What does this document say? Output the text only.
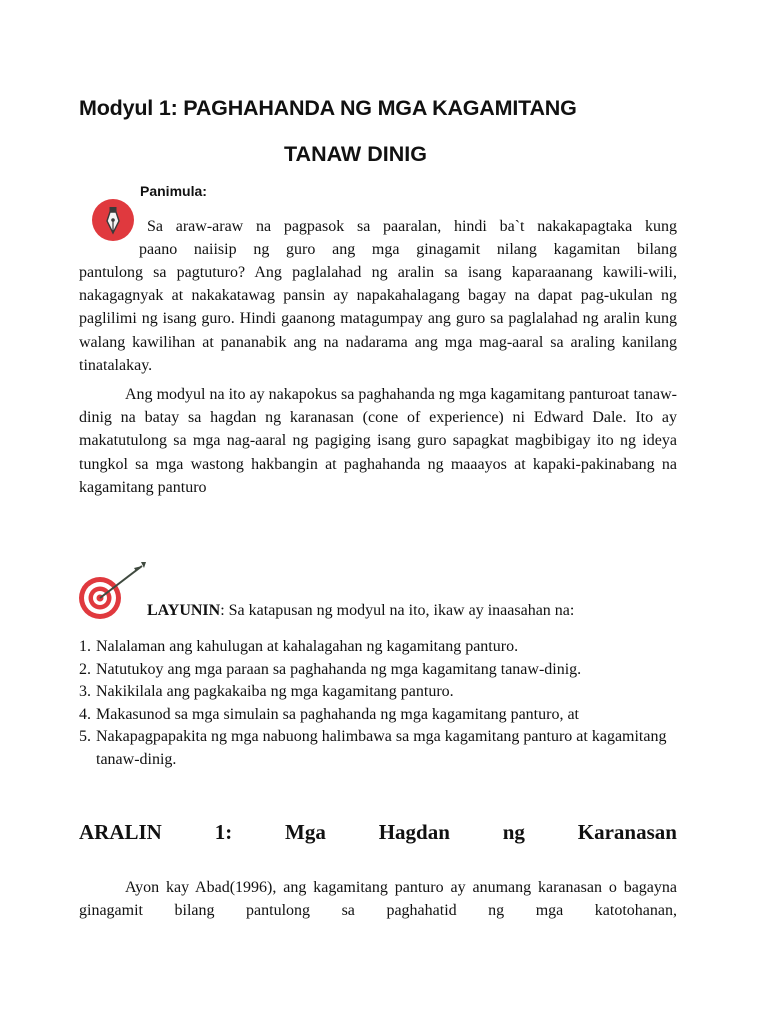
Modyul 1: PAGHAHANDA NG MGA KAGAMITANG
TANAW DINIG
Panimula:
Sa araw-araw na pagpasok sa paaralan, hindi ba`t nakakapagtaka kung
paano naiisip ng guro ang mga ginagamit nilang kagamitan bilang

pantulong sa pagtuturo? Ang paglalahad ng aralin sa isang kaparaanang kawili-wili, nakagagnyak at nakakatawag pansin ay napakahalagang bagay na dapat pag-ukulan ng paglilimi ng isang guro. Hindi gaanong matagumpay ang guro sa paglalahad ng aralin kung walang kawilihan at pananabik ang na nadarama ang mga mag-aaral sa araling kanilang tinatalakay.

Ang modyul na ito ay nakapokus sa paghahanda ng mga kagamitang panturoat tanaw-dinig na batay sa hagdan ng karanasan (cone of experience) ni Edward Dale. Ito ay makatutulong sa mga nag-aaral ng pagiging isang guro sapagkat magbibigay ito ng ideya tungkol sa mga wastong hakbangin at paghahanda ng maaayos at kapaki-pakinabang na kagamitang panturo

LAYUNIN: Sa katapusan ng modyul na ito, ikaw ay inaasahan na:
1. Nalalaman ang kahulugan at kahalagahan ng kagamitang panturo.
2. Natutukoy ang mga paraan sa paghahanda ng mga kagamitang tanaw-dinig.
3. Nakikilala ang pagkakaiba ng mga kagamitang panturo.
4. Makasunod sa mga simulain sa paghahanda ng mga kagamitang panturo, at
5. Nakapagpapakita ng mga nabuong halimbawa sa mga kagamitang panturo at kagamitang tanaw-dinig.
ARALIN	1:	Mga	Hagdan	ng	Karanasan

Ayon kay Abad(1996), ang kagamitang panturo ay anumang karanasan o bagayna ginagamit bilang pantulong sa paghahatid ng mga katotohanan,
